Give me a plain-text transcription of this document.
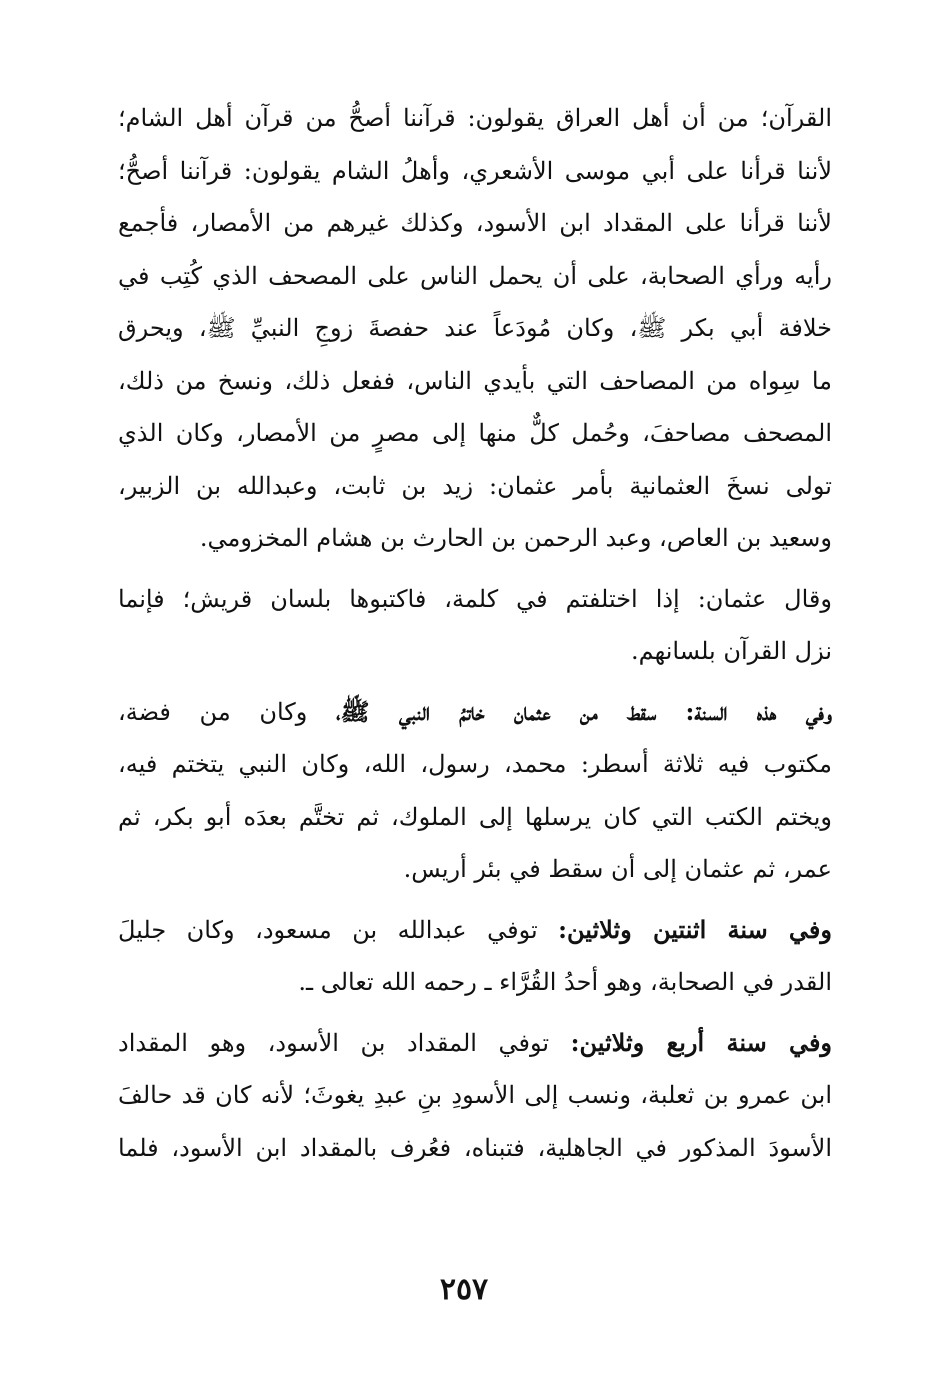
القرآن؛ من أن أهل العراق يقولون: قرآننا أصحُّ من قرآن أهل الشام؛
لأننا قرأنا على أبي موسى الأشعري، وأهلُ الشام يقولون: قرآننا أصحُّ؛
لأننا قرأنا على المقداد ابن الأسود، وكذلك غيرهم من الأمصار، فأجمع
رأيه ورأي الصحابة، على أن يحمل الناس على المصحف الذي كُتِب في
خلافة أبي بكر ﷺ، وكان مُودَعاً عند حفصةَ زوجِ النبيِّ ﷺ، ويحرق
ما سِواه من المصاحف التي بأيدي الناس، ففعل ذلك، ونسخ من ذلك،
المصحف مصاحفَ، وحُمل كلٌّ منها إلى مصرٍ من الأمصار، وكان الذي
تولى نسخَ العثمانية بأمر عثمان: زيد بن ثابت، وعبدالله بن الزبير،
وسعيد بن العاص، وعبد الرحمن بن الحارث بن هشام المخزومي.
وقال عثمان: إذا اختلفتم في كلمة، فاكتبوها بلسان قريش؛ فإنما
نزل القرآن بلسانهم.
وفي هذه السنة: سقط من عثمان خاتمُ النبي ﷺ، وكان من فضة،
مكتوب فيه ثلاثة أسطر: محمد، رسول، الله، وكان النبي يتختم فيه،
ويختم الكتب التي كان يرسلها إلى الملوك، ثم تختَّم بعدَه أبو بكر، ثم
عمر، ثم عثمان إلى أن سقط في بئر أريس.
وفي سنة اثنتين وثلاثين: توفي عبدالله بن مسعود، وكان جليلَ
القدر في الصحابة، وهو أحدُ القُرَّاء ـ رحمه الله تعالى ـ.
وفي سنة أربع وثلاثين: توفي المقداد بن الأسود، وهو المقداد
ابن عمرو بن ثعلبة، ونسب إلى الأسودِ بنِ عبدِ يغوثَ؛ لأنه كان قد حالفَ
الأسودَ المذكور في الجاهلية، فتبناه، فعُرف بالمقداد ابن الأسود، فلما
٢٥٧
